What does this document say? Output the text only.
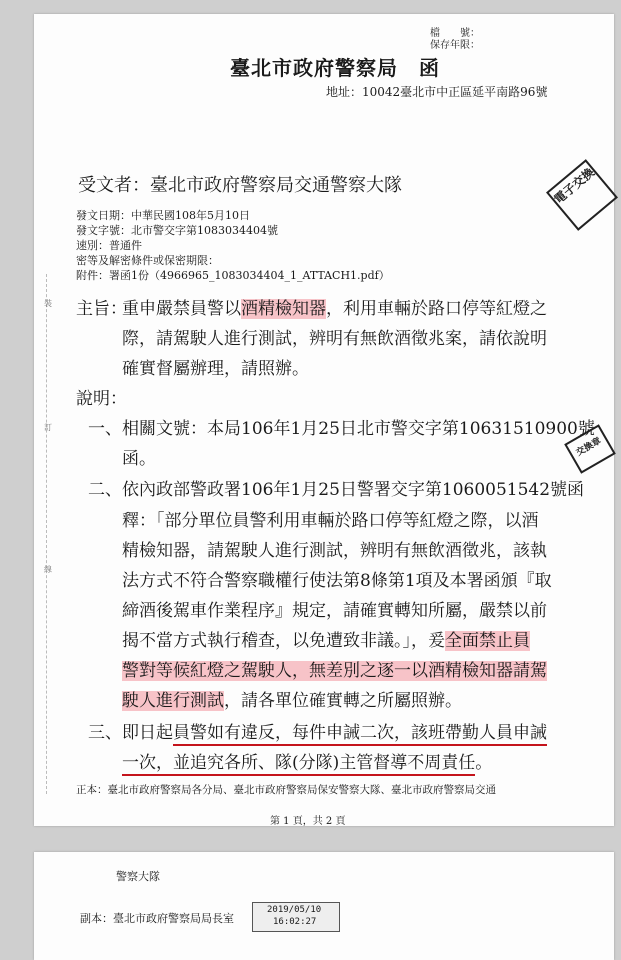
裝
訂
線
檔　　號：
保存年限：
臺北市政府警察局　函
地址：10042臺北市中正區延平南路96號
受文者：臺北市政府警察局交通警察大隊	電子交換
交換章
發文日期：中華民國108年5月10日
發文字號：北市警交字第1083034404號
速別：普通件
密等及解密條件或保密期限：
附件：署函1份（4966965_1083034404_1_ATTACH1.pdf）
主旨：
重申嚴禁員警以酒精檢知器，利用車輛於路口停等紅燈之
際，請駕駛人進行測試，辨明有無飲酒徵兆案，請依說明
確實督屬辦理，請照辦。
說明：
一、相關文號：本局106年1月25日北市警交字第10631510900號
函。
二、依內政部警政署106年1月25日警署交字第1060051542號函
釋：「部分單位員警利用車輛於路口停等紅燈之際，以酒
精檢知器，請駕駛人進行測試，辨明有無飲酒徵兆，該執
法方式不符合警察職權行使法第8條第1項及本署函頒『取
締酒後駕車作業程序』規定，請確實轉知所屬，嚴禁以前
揭不當方式執行稽查，以免遭致非議。」，爰全面禁止員
警對等候紅燈之駕駛人，無差別之逐一以酒精檢知器請駕
駛人進行測試，請各單位確實轉之所屬照辦。
三、即日起員警如有違反，每件申誡二次，該班帶勤人員申誡
一次，並追究各所、隊(分隊)主管督導不周責任。
正本：臺北市政府警察局各分局、臺北市政府警察局保安警察大隊、臺北市政府警察局交通
第 1 頁，共 2 頁
警察大隊
副本：臺北市政府警察局局長室
2019/05/10
16:02:27
